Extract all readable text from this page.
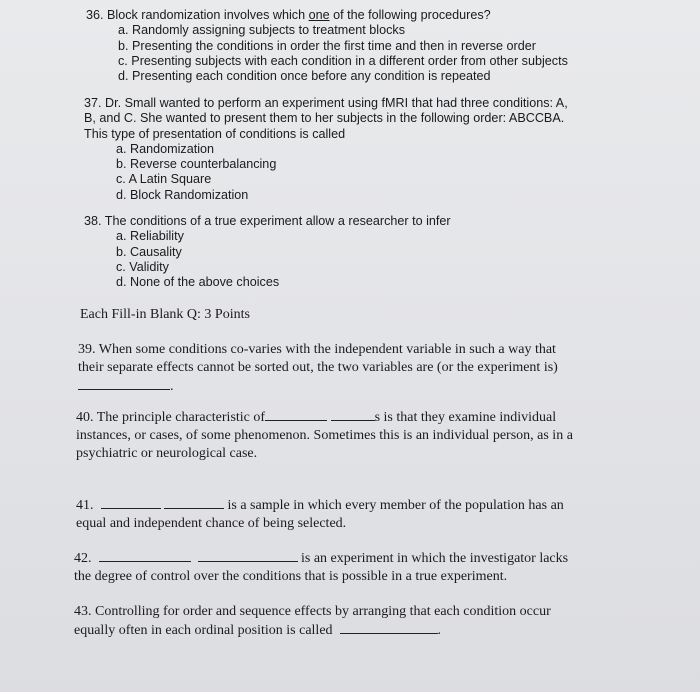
36. Block randomization involves which one of the following procedures?
a. Randomly assigning subjects to treatment blocks
b. Presenting the conditions in order the first time and then in reverse order
c. Presenting subjects with each condition in a different order from other subjects
d. Presenting each condition once before any condition is repeated
37. Dr. Small wanted to perform an experiment using fMRI that had three conditions: A,
B, and C. She wanted to present them to her subjects in the following order: ABCCBA.
This type of presentation of conditions is called
a. Randomization
b. Reverse counterbalancing
c. A Latin Square
d. Block Randomization
38. The conditions of a true experiment allow a researcher to infer
a. Reliability
b. Causality
c. Validity
d. None of the above choices
Each Fill-in Blank Q: 3 Points
39. When some conditions co-varies with the independent variable in such a way that
their separate effects cannot be sorted out, the two variables are (or the experiment is)
.
40. The principle characteristic of	s is that they examine individual
instances, or cases, of some phenomenon. Sometimes this is an individual person, as in a
psychiatric or neurological case.
41.	is a sample in which every member of the population has an
equal and independent chance of being selected.
42.	is an experiment in which the investigator lacks
the degree of control over the conditions that is possible in a true experiment.
43. Controlling for order and sequence effects by arranging that each condition occur
equally often in each ordinal position is called	.
